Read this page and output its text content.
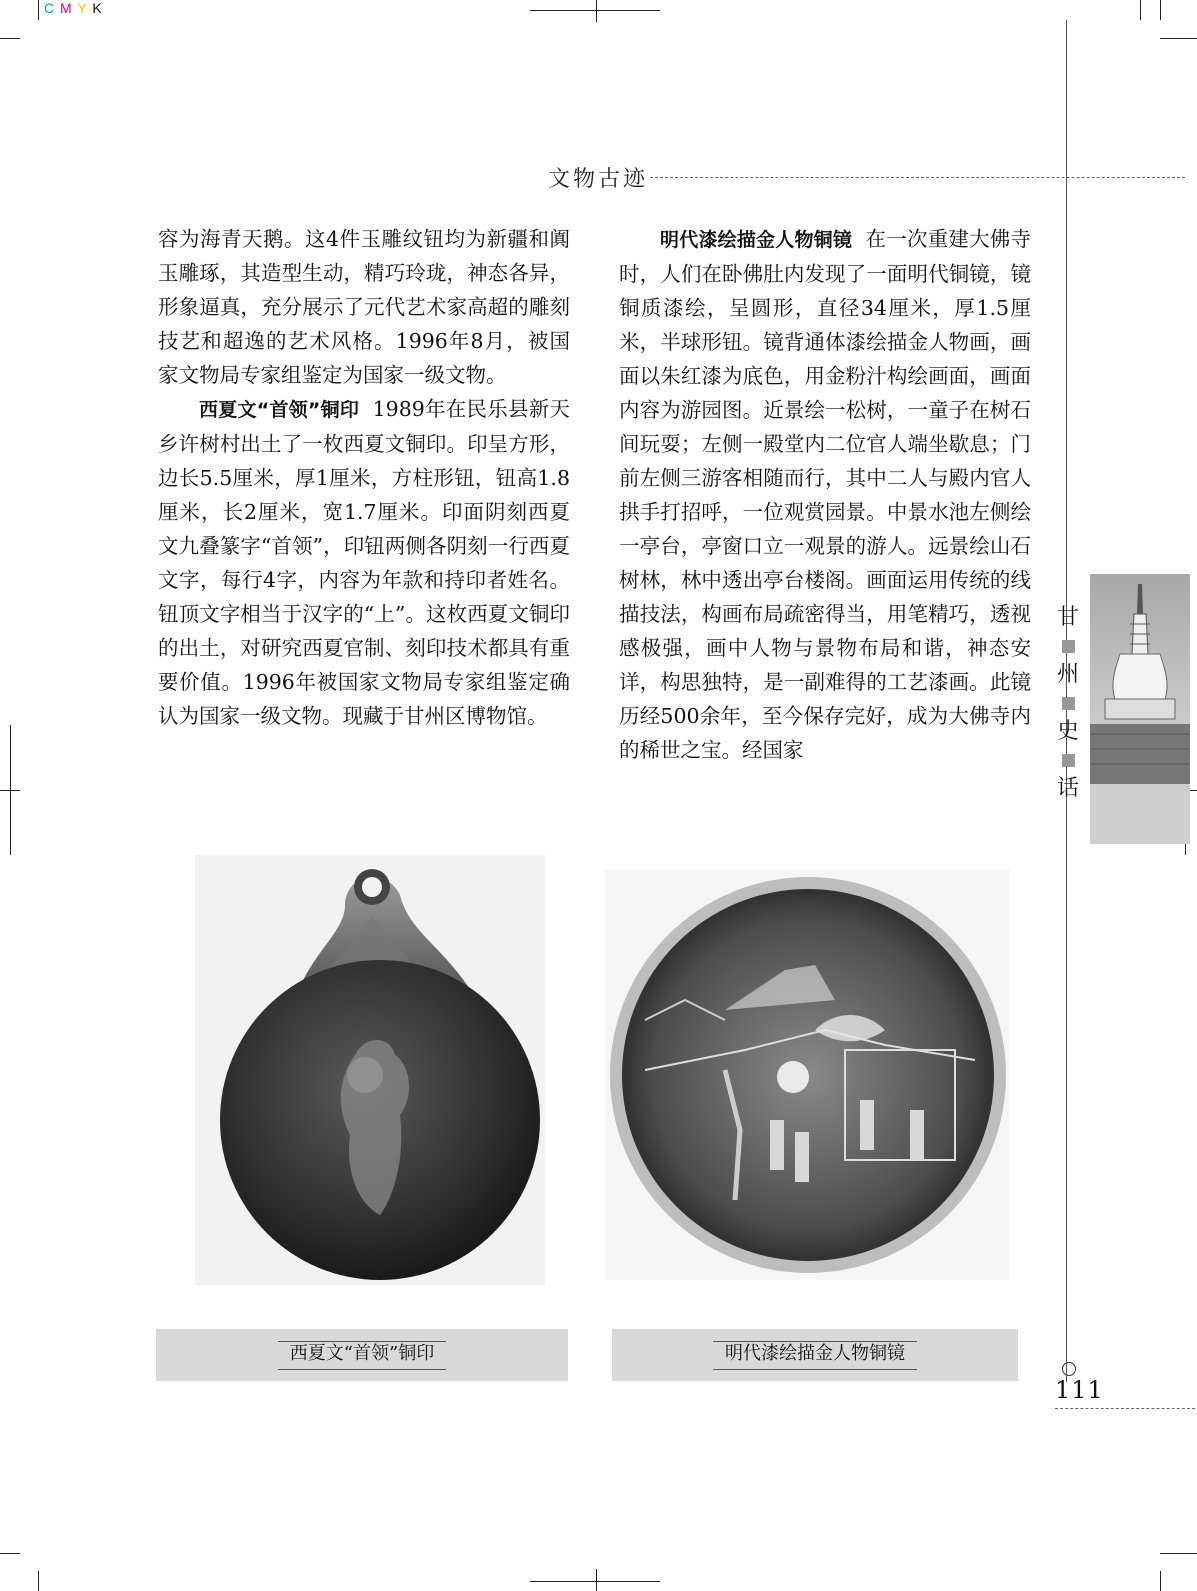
C M Y K
文物古迹

容为海青天鹅。这4件玉雕纹钮均为新疆和阗玉雕琢，其造型生动，精巧玲珑，神态各异，形象逼真，充分展示了元代艺术家高超的雕刻技艺和超逸的艺术风格。1996年8月，被国家文物局专家组鉴定为国家一级文物。

西夏文“首领”铜印 1989年在民乐县新天乡许树村出土了一枚西夏文铜印。印呈方形，边长5.5厘米，厚1厘米，方柱形钮，钮高1.8厘米，长2厘米，宽1.7厘米。印面阴刻西夏文九叠篆字“首领”，印钮两侧各阴刻一行西夏文字，每行4字，内容为年款和持印者姓名。钮顶文字相当于汉字的“上”。这枚西夏文铜印的出土，对研究西夏官制、刻印技术都具有重要价值。1996年被国家文物局专家组鉴定确认为国家一级文物。现藏于甘州区博物馆。

明代漆绘描金人物铜镜 在一次重建大佛寺时，人们在卧佛肚内发现了一面明代铜镜，镜铜质漆绘，呈圆形，直径34厘米，厚1.5厘米，半球形钮。镜背通体漆绘描金人物画，画面以朱红漆为底色，用金粉汁构绘画面，画面内容为游园图。近景绘一松树，一童子在树石间玩耍；左侧一殿堂内二位官人端坐歇息；门前左侧三游客相随而行，其中二人与殿内官人拱手打招呼，一位观赏园景。中景水池左侧绘一亭台，亭窗口立一观景的游人。远景绘山石树林，林中透出亭台楼阁。画面运用传统的线描技法，构画布局疏密得当，用笔精巧，透视感极强，画中人物与景物布局和谐，神态安详，构思独特，是一副难得的工艺漆画。此镜历经500余年，至今保存完好，成为大佛寺内的稀世之宝。经国家

西夏文“首领”铜印	明代漆绘描金人物铜镜
甘
州
史
话
111
